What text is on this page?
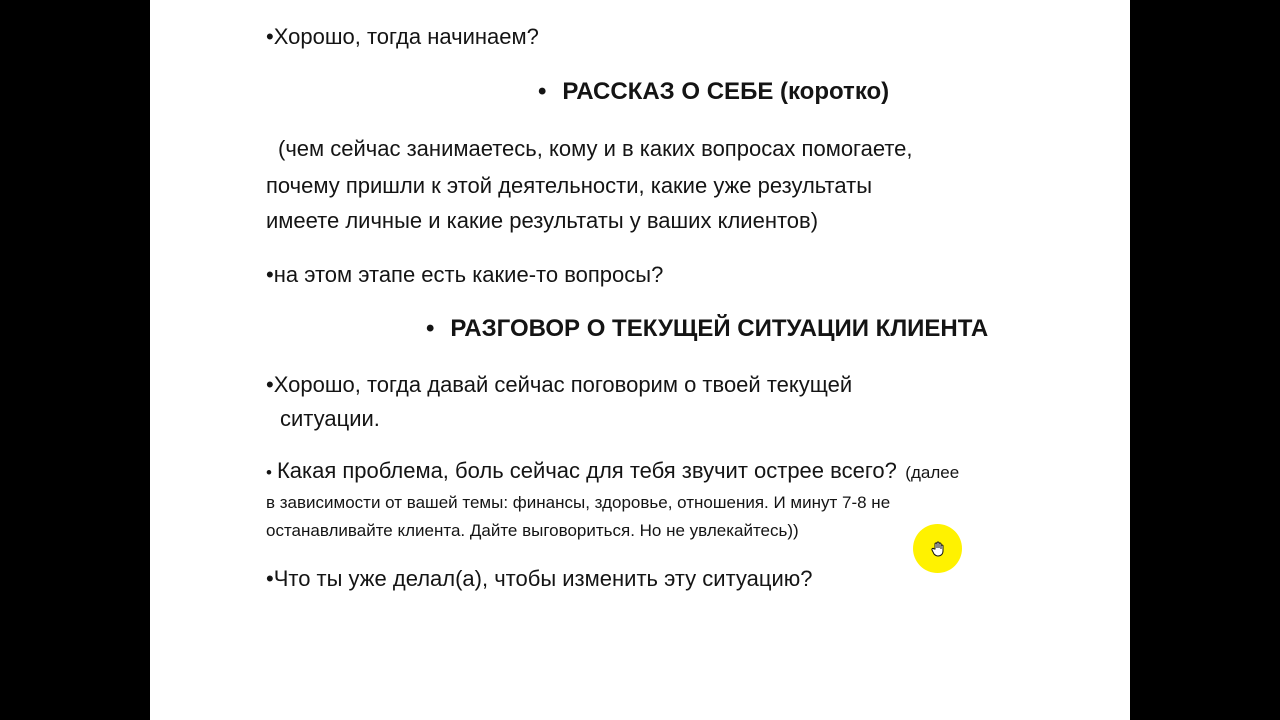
•Хорошо, тогда начинаем?
• РАССКАЗ О СЕБЕ (коротко)
(чем сейчас занимаетесь, кому и в каких вопросах помогаете,
почему пришли к этой деятельности, какие уже результаты
имеете личные и какие результаты у ваших клиентов)
•на этом этапе есть какие-то вопросы?
• РАЗГОВОР О ТЕКУЩЕЙ СИТУАЦИИ КЛИЕНТА
•Хорошо, тогда давай сейчас поговорим о твоей текущей
ситуации.
• Какая проблема, боль сейчас для тебя звучит острее всего? (далее
в зависимости от вашей темы: финансы, здоровье, отношения. И минут 7-8 не
останавливайте клиента. Дайте выговориться. Но не увлекайтесь))
•Что ты уже делал(а), чтобы изменить эту ситуацию?
